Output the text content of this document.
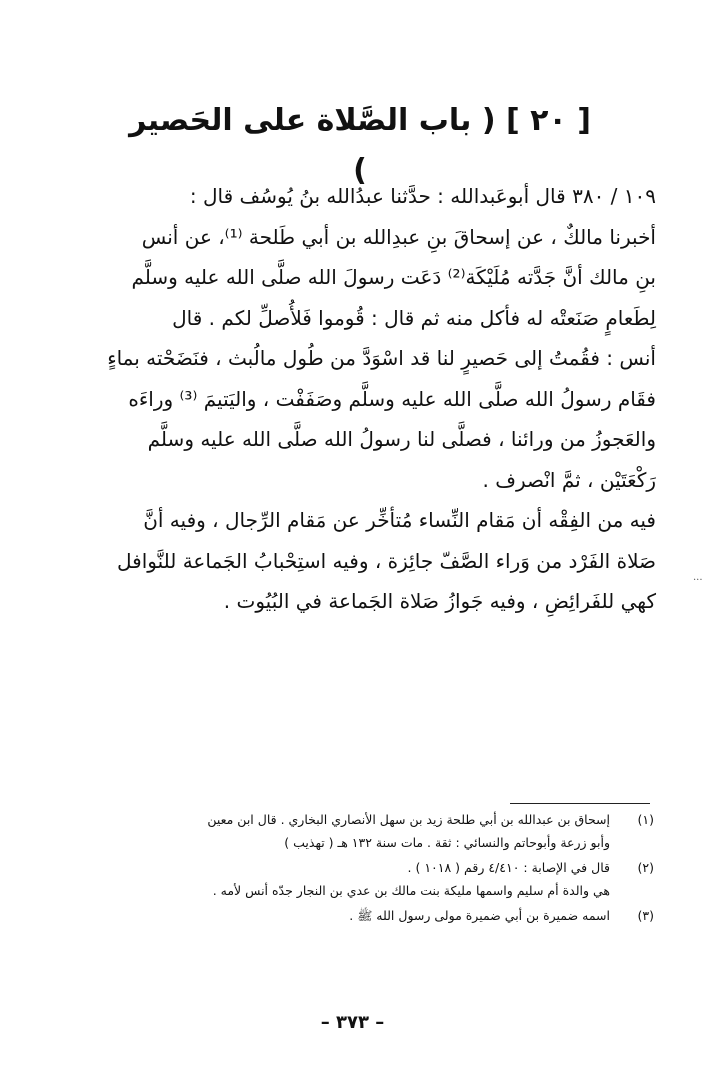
[ ٢٠ ] ( باب الصَّلاة على الحَصير )

١٠٩ / ٣٨٠ قال أبوعَبدالله : حدَّثنا عبدُالله بنُ يُوسُف قال :
أخبرنا مالكٌ ، عن إسحاقَ بنِ عبدِالله بن أبي طَلحة ⁽¹⁾، عن أنس
بنِ مالك أنَّ جَدَّته مُلَيْكَة⁽²⁾ دَعَت رسولَ الله صلَّى الله عليه وسلَّم
لِطَعامٍ صَنَعتْه له فأكل منه ثم قال : قُوموا فَلأُصلِّ لكم . قال
أنس : فقُمتُ إلى حَصيرٍ لنا قد اسْوَدَّ من طُول مالُبث ، فنَضَحْته بماءٍ
فقَام رسولُ الله صلَّى الله عليه وسلَّم وصَفَفْت ، واليَتيمَ ⁽³⁾ وراءَه
والعَجوزُ من ورائنا ، فصلَّى لنا رسولُ الله صلَّى الله عليه وسلَّم
رَكْعَتَيْن ، ثمَّ انْصرف .

فيه من الفِقْه أن مَقام النِّساء مُتأخِّر عن مَقام الرِّجال ، وفيه أنَّ
صَلاة الفَرْد من وَراء الصَّفّ جائِزة ، وفيه استِحْبابُ الجَماعة للنَّوافل
كهي للفَرائِضِ ، وفيه جَوازُ صَلاة الجَماعة في البُيُوت .

...
(١)
إسحاق بن عبدالله بن أبي طلحة زيد بن سهل الأنصاري البخاري . قال ابن معين
وأبو زرعة وأبوحاتم والنسائي : ثقة . مات سنة ١٣٢ هـ ( تهذيب )
(٢)
قال في الإصابة : ٤/٤١٠ رقم ( ١٠١٨ ) .
هي والدة أم سليم واسمها مليكة بنت مالك بن عدي بن النجار جدّه أنس لأمه .
(٣)
اسمه ضميرة بن أبي ضميرة مولى رسول الله ﷺ .
– ٣٧٣ –
